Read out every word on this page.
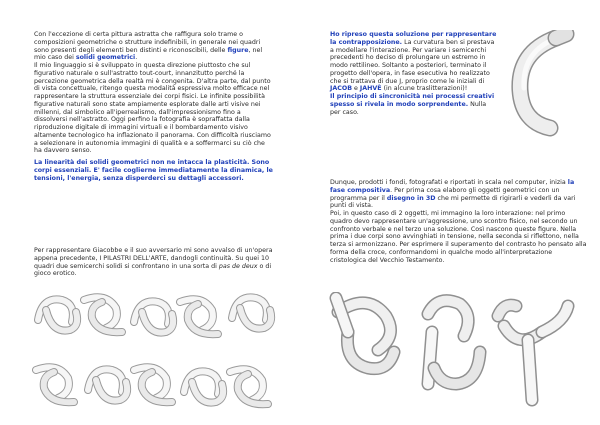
Con l'eccezione di certa pittura astratta che raffigura solo trame o composizioni geometriche o strutture indefinibili, in generale nei quadri sono presenti degli elementi ben distinti e riconoscibili, delle figure, nel mio caso dei solidi geometrici.
Il mio linguaggio si è sviluppato in questa direzione piuttosto che sul figurativo naturale o sull'astratto tout-court, innanzitutto perché la percezione geometrica della realtà mi è congenita. D'altra parte, dal punto di vista concettuale, ritengo questa modalità espressiva molto efficace nel rappresentare la struttura essenziale dei corpi fisici. Le infinite possibilità figurative naturali sono state ampiamente esplorate dalle arti visive nei millenni, dal simbolico all'iperrealismo, dall'impressionismo fino a dissolversi nell'astratto. Oggi perfino la fotografia è sopraffatta dalla riproduzione digitale di immagini virtuali e il bombardamento visivo altamente tecnologico ha inflazionato il panorama. Con difficoltà riusciamo a selezionare in autonomia immagini di qualità e a soffermarci su ciò che ha davvero senso.

La linearità dei solidi geometrici non ne intacca la plasticità. Sono corpi essenziali. E' facile coglierne immediatamente la dinamica, le tensioni, l'energia, senza disperderci su dettagli accessori.

Per rappresentare Giacobbe e il suo avversario mi sono avvalso di un'opera appena precedente, I PILASTRI DELL'ARTE, dandogli continuità. Su quei 10 quadri due semicerchi solidi si confrontano in una sorta di pas de deux o di gioco erotico.

Ho ripreso questa soluzione per rappresentare la contrapposizione. La curvatura ben si prestava a modellare l'interazione. Per variare i semicerchi precedenti ho deciso di prolungare un estremo in modo rettilineo. Soltanto a posteriori, terminato il progetto dell'opera, in fase esecutiva ho realizzato che si trattava di due J, proprio come le iniziali di JACOB e JAHVÈ (in alcune traslitterazioni)!
Il principio di sincronicità nei processi creativi spesso si rivela in modo sorprendente. Nulla per caso.

Dunque, prodotti i fondi, fotografati e riportati in scala nel computer, inizia la fase compositiva. Per prima cosa elaboro gli oggetti geometrici con un programma per il disegno in 3D che mi permette di rigirarli e vederli da vari punti di vista.
Poi, in questo caso di 2 oggetti, mi immagino la loro interazione: nel primo quadro devo rappresentare un'aggressione, uno scontro fisico, nel secondo un confronto verbale e nel terzo una soluzione. Così nascono queste figure. Nella prima i due corpi sono avvinghiati in tensione, nella seconda si riflettono, nella terza si armonizzano. Per esprimere il superamento del contrasto ho pensato alla forma della croce, conformandomi in qualche modo all'interpretazione cristologica del Vecchio Testamento.
